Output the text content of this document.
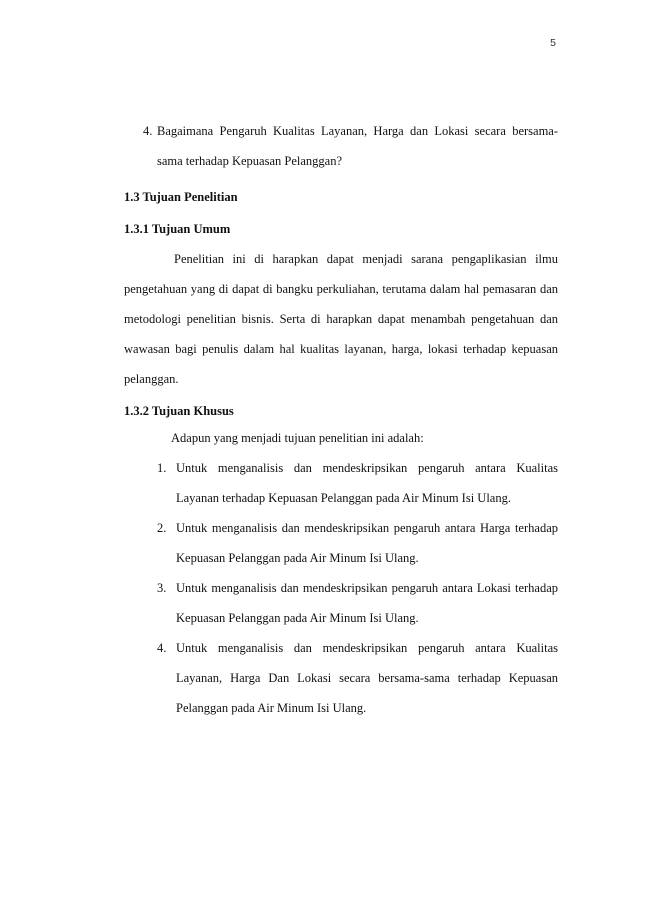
5
4. Bagaimana Pengaruh Kualitas Layanan, Harga dan Lokasi secara bersama-sama terhadap Kepuasan Pelanggan?

1.3 Tujuan Penelitian

1.3.1 Tujuan Umum

Penelitian ini di harapkan dapat menjadi sarana pengaplikasian ilmu pengetahuan yang di dapat di bangku perkuliahan, terutama dalam hal pemasaran dan metodologi penelitian bisnis. Serta di harapkan dapat menambah pengetahuan dan wawasan bagi penulis dalam hal kualitas layanan, harga, lokasi terhadap kepuasan pelanggan.

1.3.2 Tujuan Khusus

Adapun yang menjadi tujuan penelitian ini adalah:

1. Untuk menganalisis dan mendeskripsikan pengaruh antara Kualitas Layanan terhadap Kepuasan Pelanggan pada Air Minum Isi Ulang.
2. Untuk menganalisis dan mendeskripsikan pengaruh antara Harga terhadap Kepuasan Pelanggan pada Air Minum Isi Ulang.
3. Untuk menganalisis dan mendeskripsikan pengaruh antara Lokasi terhadap Kepuasan Pelanggan pada Air Minum Isi Ulang.
4. Untuk menganalisis dan mendeskripsikan pengaruh antara Kualitas Layanan, Harga Dan Lokasi secara bersama-sama terhadap Kepuasan Pelanggan pada Air Minum Isi Ulang.
